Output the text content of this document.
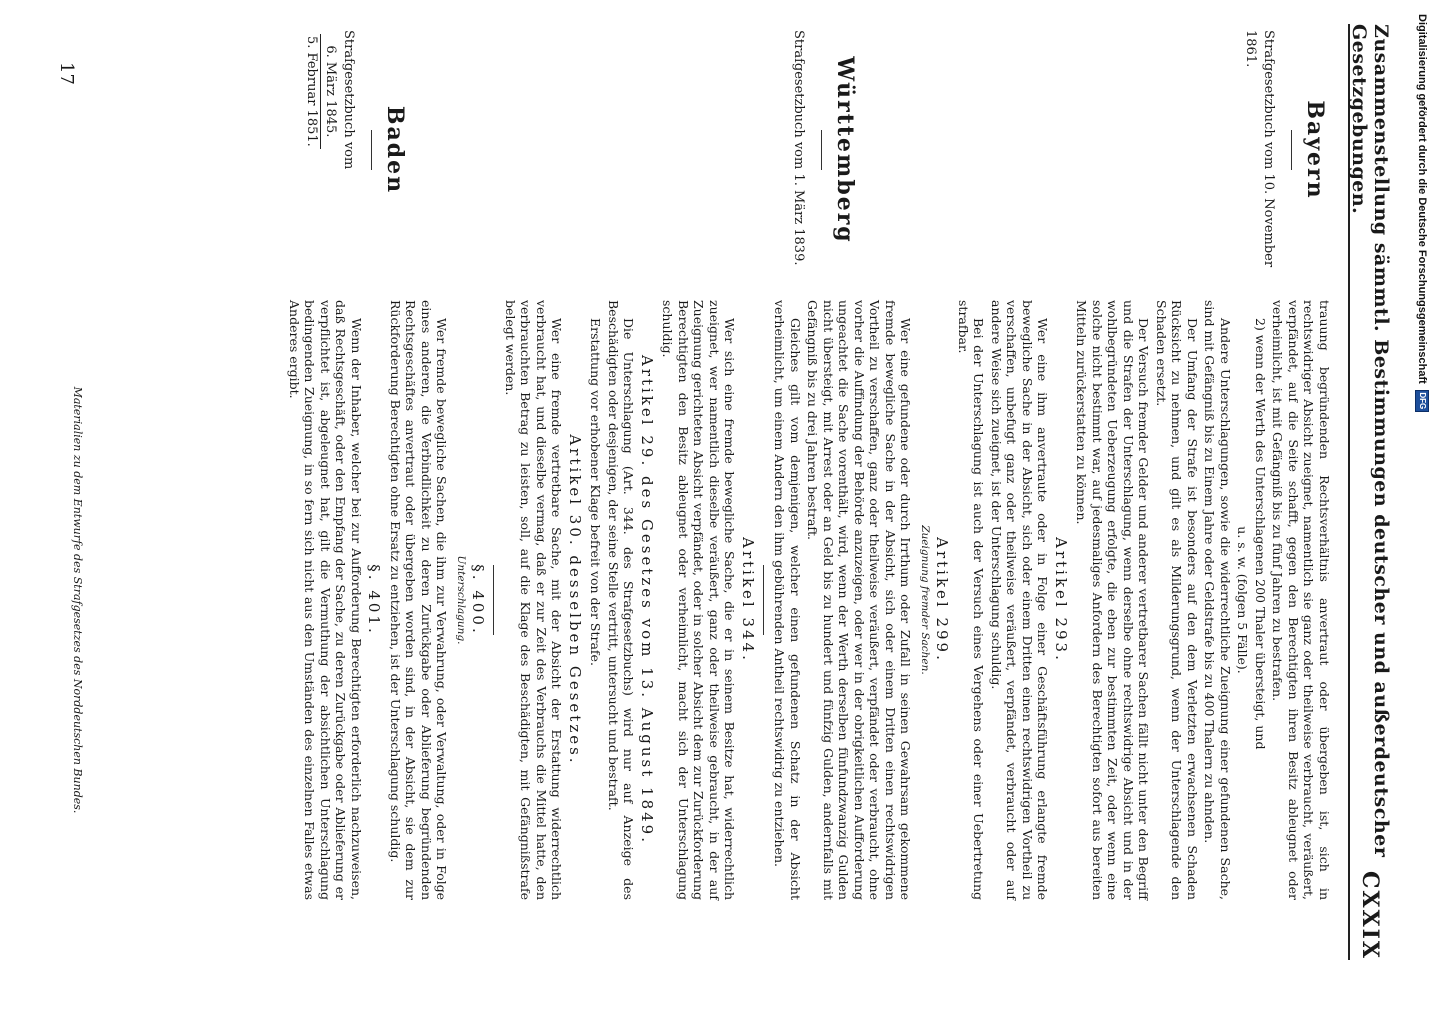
Zusammenstellung sämmtl. Bestimmungen deutscher und außerdeutscher Gesetzgebungen.
CXXIX
Bayern
Strafgesetzbuch vom 10. November 1861.
Württemberg
Strafgesetzbuch vom 1. März 1839.
Baden
Strafgesetzbuch vom
6. März 1845.
5. Februar 1851.

trauung begründenden Rechtsverhältnis anvertraut oder übergeben ist, sich in rechtswidriger Absicht zueignet, namentlich sie ganz oder theilweise verbraucht, veräußert, verpfändet, auf die Seite schafft, gegen den Berechtigten ihren Besitz ableugnet oder verheimlicht, ist mit Gefängniß bis zu fünf Jahren zu bestrafen.

2) wenn der Werth des Unterschlagenen 200 Thaler übersteigt, und

u. s. w. (folgen 5 Fälle).

Andere Unterschlagungen, sowie die widerrechtliche Zueignung einer gefundenen Sache, sind mit Gefängniß bis zu Einem Jahre oder Geldstrafe bis zu 400 Thalern zu ahnden.

Der Umfang der Strafe ist besonders auf den dem Verletzten erwachsenen Schaden Rücksicht zu nehmen, und gilt es als Milderungsgrund, wenn der Unterschlagende den Schaden ersetzt.

Der Versuch fremder Gelder und anderer vertretbarer Sachen fällt nicht unter den Begriff und die Strafen der Unterschlagung, wenn derselbe ohne rechtswidrige Absicht und in der wohlbegründeten Ueberzeugung erfolgte, die eben zur bestimmten Zeit, oder wenn eine solche nicht bestimmt war, auf jedesmaliges Anfordern des Berechtigten sofort aus bereiten Mitteln zurückerstatten zu können.

Artikel 293.

Wer eine ihm anvertraute oder in Folge einer Geschäftsführung erlangte fremde bewegliche Sache in der Absicht, sich oder einem Dritten einen rechtswidrigen Vortheil zu verschaffen, unbefugt ganz oder theilweise veräußert, verpfändet, verbraucht oder auf andere Weise sich zueignet, ist der Unterschlagung schuldig.

Bei der Unterschlagung ist auch der Versuch eines Vergehens oder einer Uebertretung strafbar.

Artikel 299.
Zueignung fremder Sachen.

Wer eine gefundene oder durch Irrthum oder Zufall in seinen Gewahrsam gekommene fremde bewegliche Sache in der Absicht, sich oder einem Dritten einen rechtswidrigen Vortheil zu verschaffen, ganz oder theilweise veräußert, verpfändet oder verbraucht, ohne vorher die Auffindung der Behörde anzuzeigen, oder wer in der obrigkeitlichen Aufforderung ungeachtet die Sache vorenthält, wird, wenn der Werth derselben fünfundzwanzig Gulden nicht übersteigt, mit Arrest oder an Geld bis zu hundert und fünfzig Gulden, andernfalls mit Gefängniß bis zu drei Jahren bestraft.

Gleiches gilt vom demjenigen, welcher einen gefundenen Schatz in der Absicht verheimlicht, um einem Andern den ihm gebührenden Antheil rechtswidrig zu entziehen.

Artikel 344.

Wer sich eine fremde bewegliche Sache, die er in seinem Besitze hat, widerrechtlich zueignet, wer namentlich dieselbe veräußert, ganz oder theilweise gebraucht, in der auf Zueignung gerichteten Absicht verpfändet, oder in solcher Absicht dem zur Zurückforderung Berechtigten den Besitz ableugnet oder verheimlicht, macht sich der Unterschlagung schuldig.

Artikel 29. des Gesetzes vom 13. August 1849.

Die Unterschlagung (Art. 344. des Strafgesetzbuchs) wird nur auf Anzeige des Beschädigten oder desjenigen, der seine Stelle vertritt, untersucht und bestraft.

Erstattung vor erhobener Klage befreit von der Strafe.

Artikel 30. desselben Gesetzes.

Wer eine fremde vertretbare Sache, mit der Absicht der Erstattung widerrechtlich verbraucht hat, und dieselbe vermag, daß er zur Zeit des Verbrauchs die Mittel hatte, den verbrauchten Betrag zu leisten, soll, auf die Klage des Beschädigten, mit Gefängnißstrafe belegt werden.

§. 400.
Unterschlagung.

Wer fremde bewegliche Sachen, die ihm zur Verwahrung, oder Verwaltung, oder in Folge eines anderen, die Verbindlichkeit zu deren Zurückgabe oder Ablieferung begründenden Rechtsgeschäftes anvertraut oder übergeben worden sind, in der Absicht, sie dem zur Rückforderung Berechtigten ohne Ersatz zu entziehen, ist der Unterschlagung schuldig.

§. 401.

Wenn der Inhaber, welcher bei zur Aufforderung Berechtigten erforderlich nachzuweisen, daß Rechtsgeschäft, oder den Empfang der Sache, zu deren Zurückgabe oder Ablieferung er verpflichtet ist, abgeleugnet hat, gilt die Vermuthung der absichtlichen Unterschlagung bedingenden Zueignung, in so fern sich nicht aus den Umständen des einzelnen Falles etwas Anderes ergibt.

17
Materialien zu dem Entwurfe des Strafgesetzes des Norddeutschen Bundes.
Digitalisierung gefördert durch die Deutsche Forschungsgemeinschaft
DFG
